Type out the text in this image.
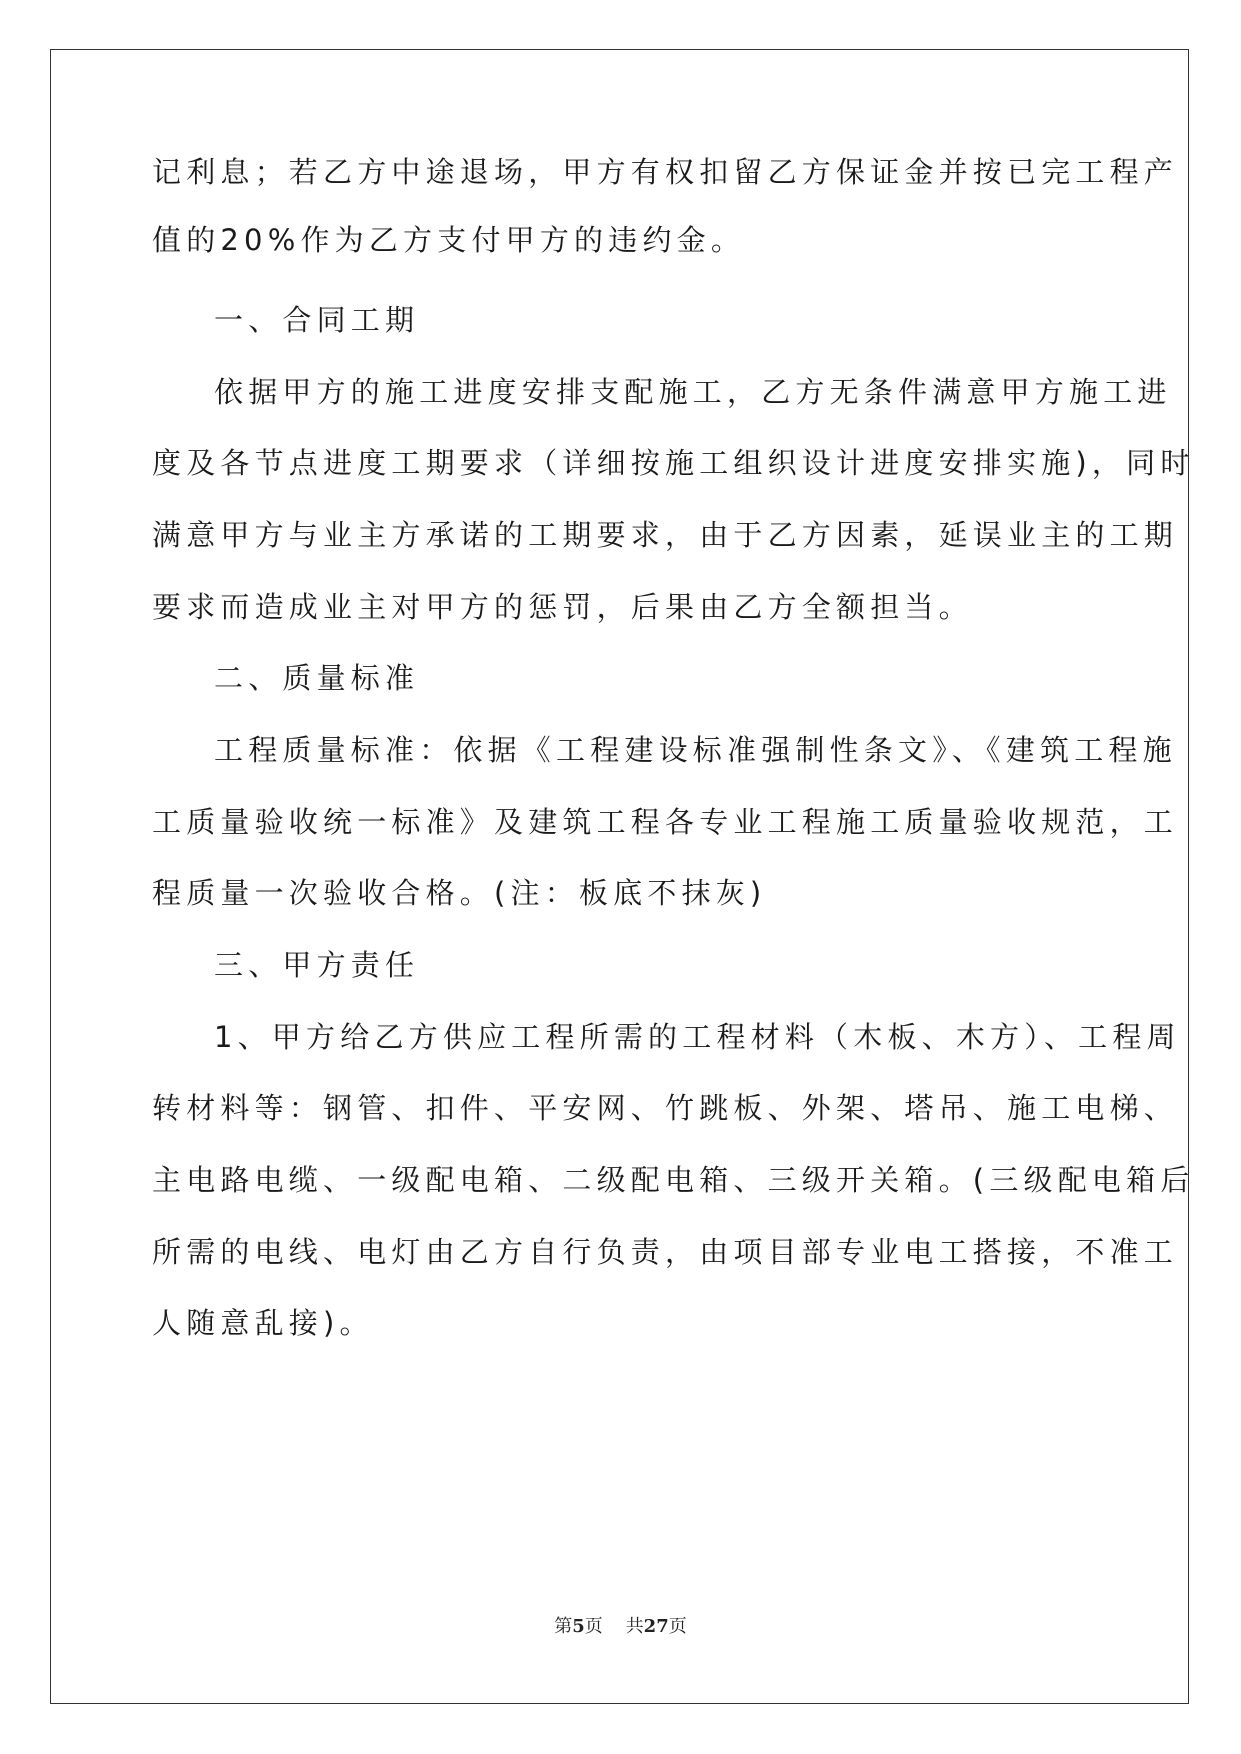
记利息；若乙方中途退场，甲方有权扣留乙方保证金并按已完工程产
值的20%作为乙方支付甲方的违约金。
一、合同工期
依据甲方的施工进度安排支配施工，乙方无条件满意甲方施工进
度及各节点进度工期要求（详细按施工组织设计进度安排实施)，同时
满意甲方与业主方承诺的工期要求，由于乙方因素，延误业主的工期
要求而造成业主对甲方的惩罚，后果由乙方全额担当。
二、质量标准
工程质量标准：依据《工程建设标准强制性条文》、《建筑工程施
工质量验收统一标准》及建筑工程各专业工程施工质量验收规范，工
程质量一次验收合格。(注：板底不抹灰)
三、甲方责任
1、甲方给乙方供应工程所需的工程材料（木板、木方）、工程周
转材料等：钢管、扣件、平安网、竹跳板、外架、塔吊、施工电梯、
主电路电缆、一级配电箱、二级配电箱、三级开关箱。(三级配电箱后
所需的电线、电灯由乙方自行负责，由项目部专业电工搭接，不准工
人随意乱接)。
第5页 共27页
